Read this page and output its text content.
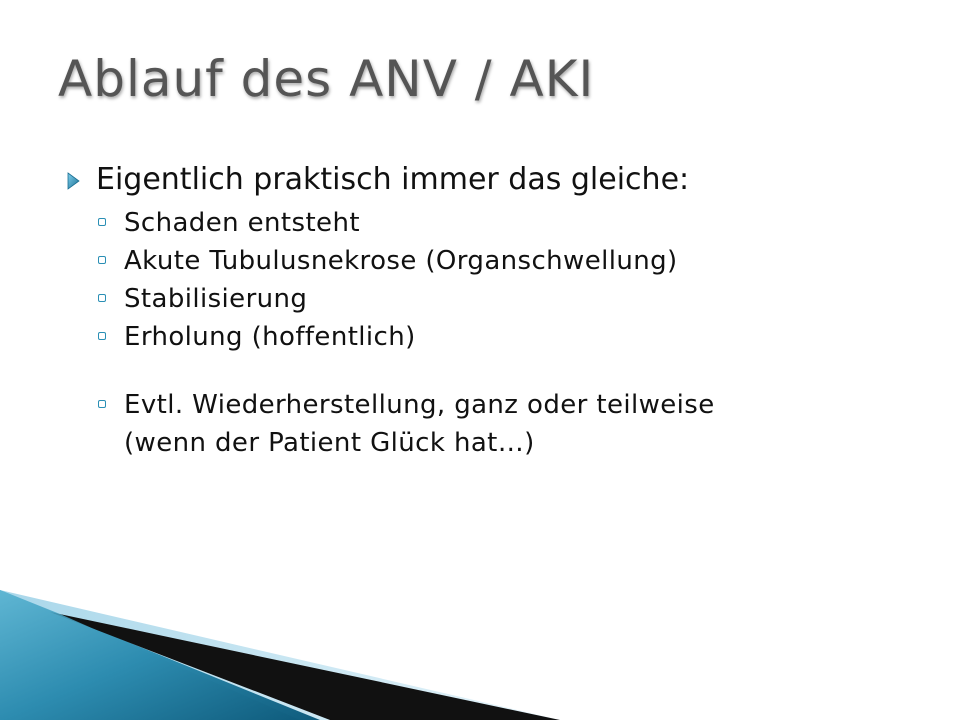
Ablauf des ANV / AKI
Eigentlich praktisch immer das gleiche:
Schaden entsteht
Akute Tubulusnekrose (Organschwellung)
Stabilisierung
Erholung (hoffentlich)
Evtl. Wiederherstellung, ganz oder teilweise
(wenn der Patient Glück hat…)
